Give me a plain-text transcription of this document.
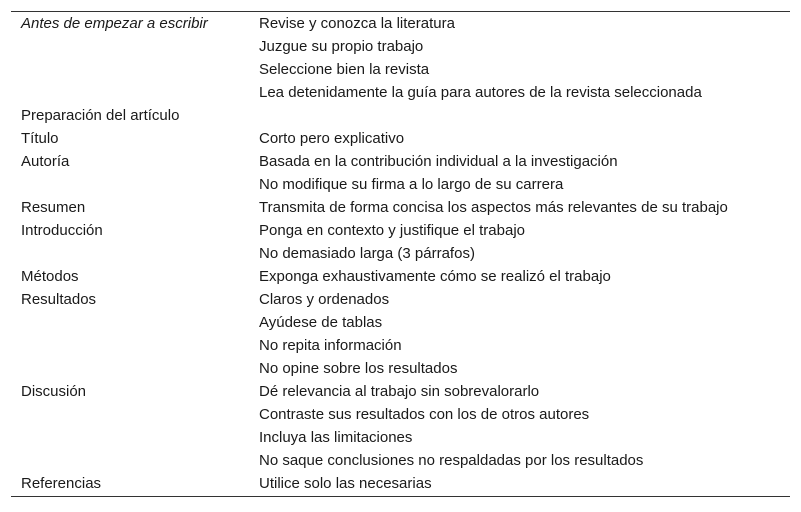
Antes de empezar a escribir	Revise y conozca la literatura
	Juzgue su propio trabajo
	Seleccione bien la revista
	Lea detenidamente la guía para autores de la revista seleccionada
Preparación del artículo	
Título	Corto pero explicativo
Autoría	Basada en la contribución individual a la investigación
	No modifique su firma a lo largo de su carrera
Resumen	Transmita de forma concisa los aspectos más relevantes de su trabajo
Introducción	Ponga en contexto y justifique el trabajo
	No demasiado larga (3 párrafos)
Métodos	Exponga exhaustivamente cómo se realizó el trabajo
Resultados	Claros y ordenados
	Ayúdese de tablas
	No repita información
	No opine sobre los resultados
Discusión	Dé relevancia al trabajo sin sobrevalorarlo
	Contraste sus resultados con los de otros autores
	Incluya las limitaciones
	No saque conclusiones no respaldadas por los resultados
Referencias	Utilice solo las necesarias
